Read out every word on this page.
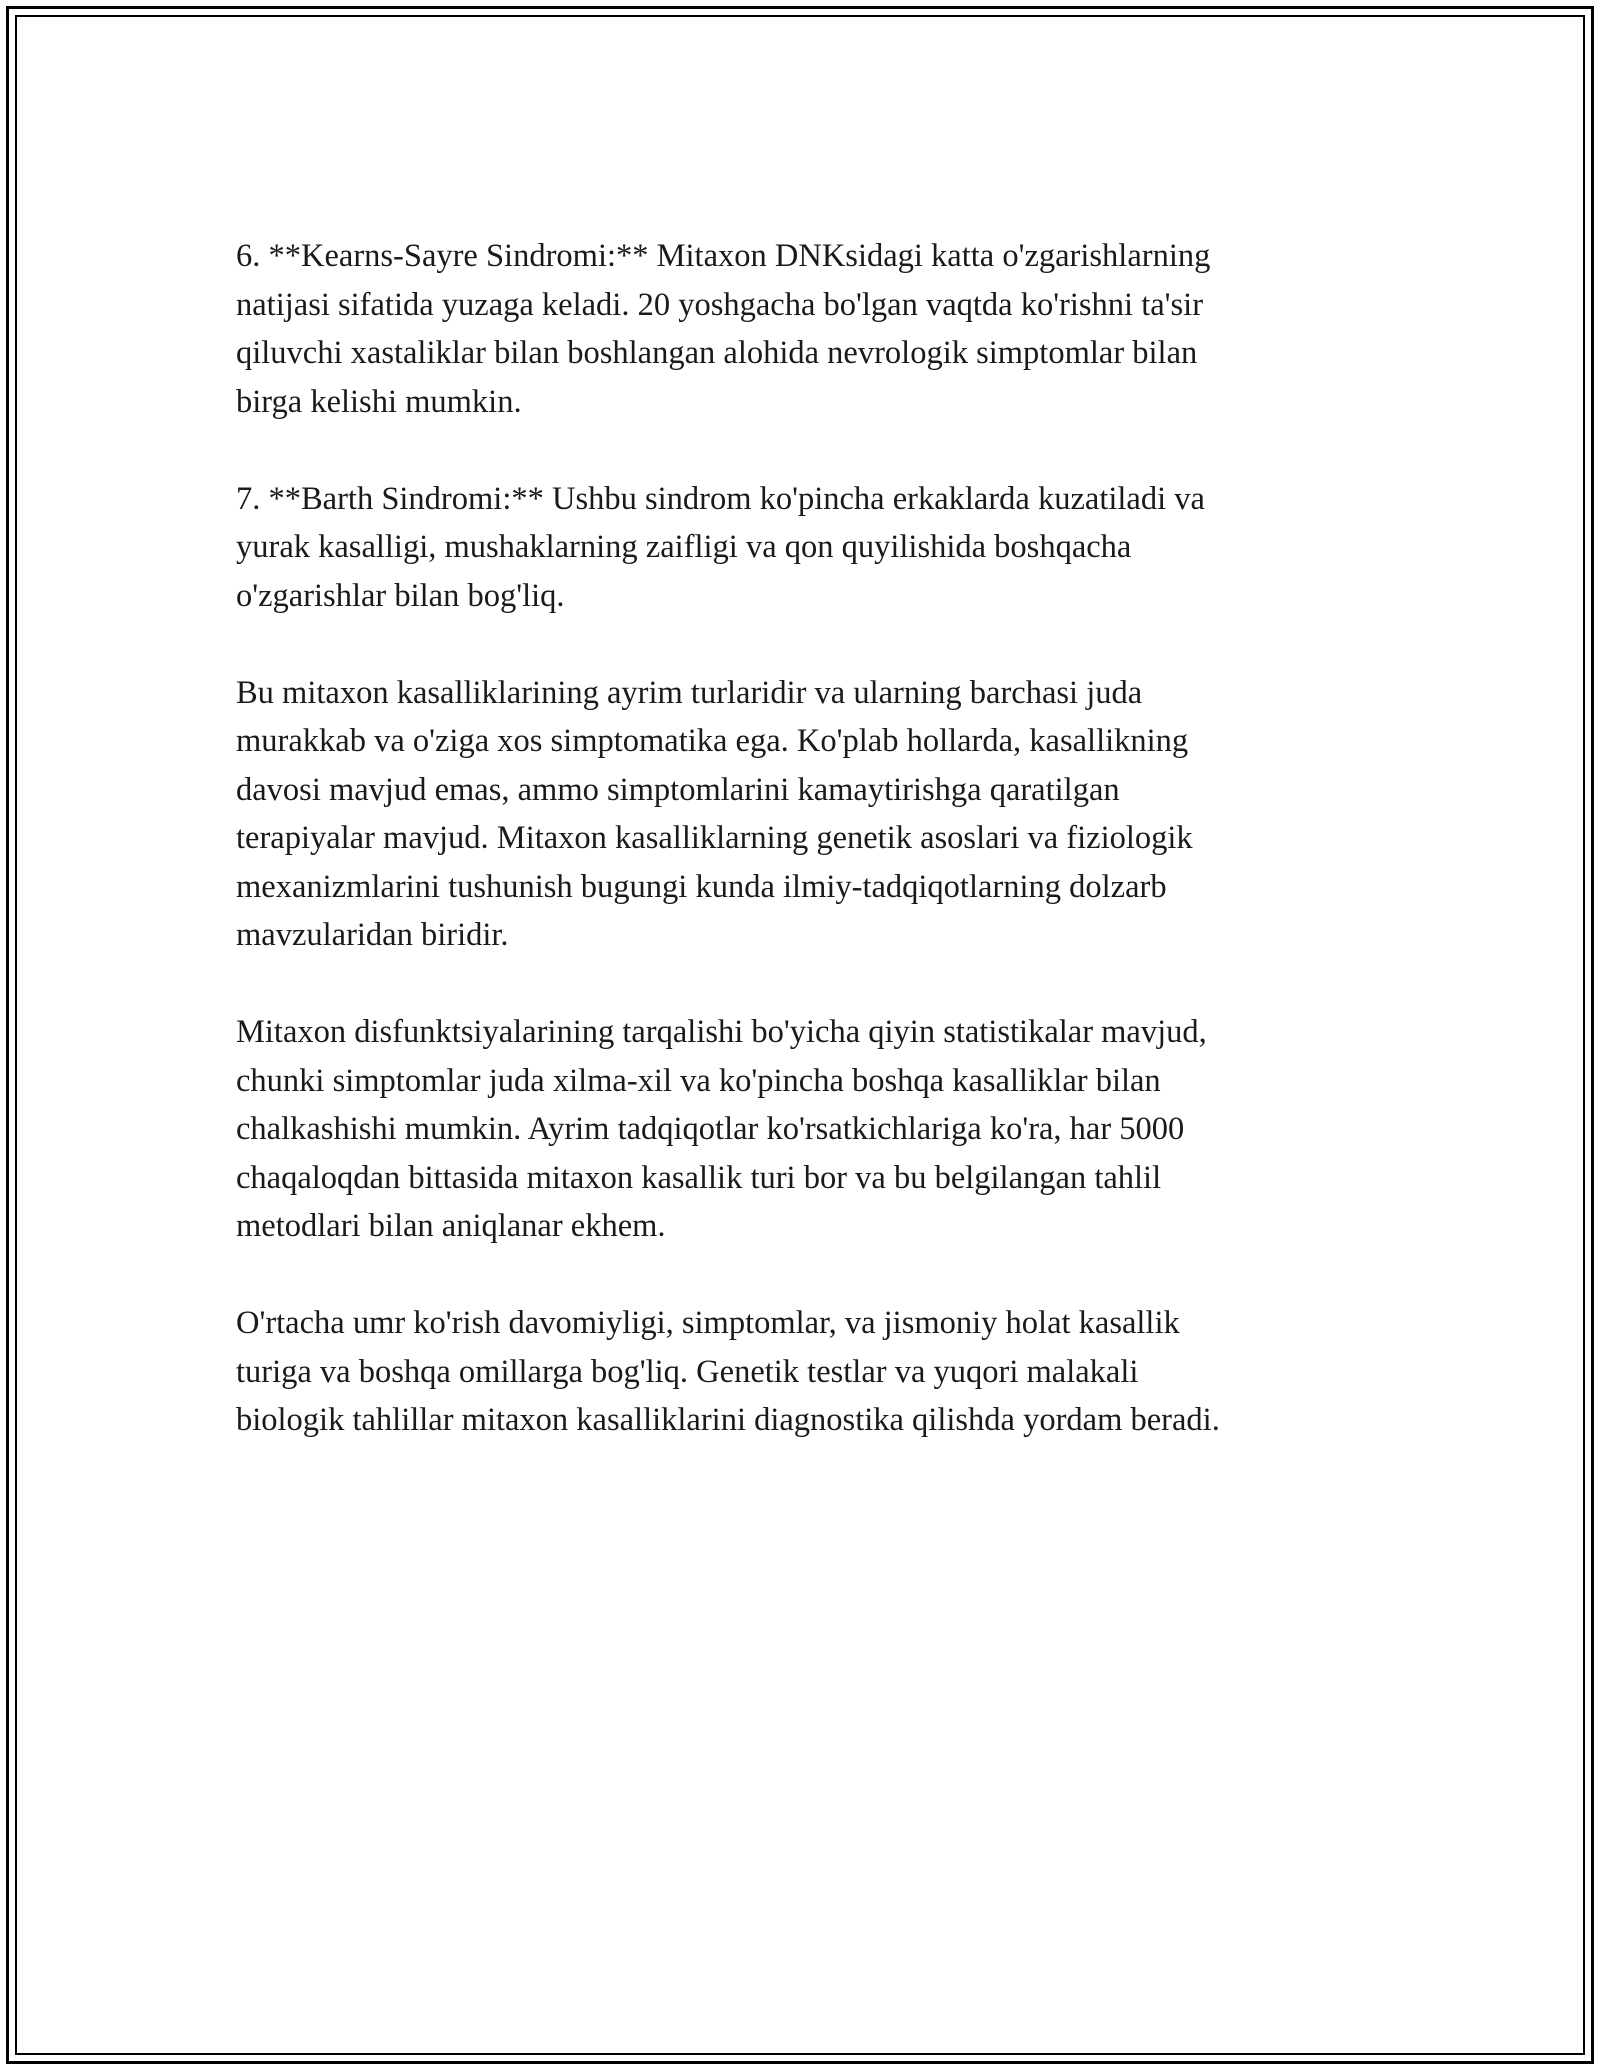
6. **Kearns-Sayre Sindromi:** Mitaxon DNKsidagi katta o'zgarishlarning
natijasi sifatida yuzaga keladi. 20 yoshgacha bo'lgan vaqtda ko'rishni ta'sir
qiluvchi xastaliklar bilan boshlangan alohida nevrologik simptomlar bilan
birga kelishi mumkin.

7. **Barth Sindromi:** Ushbu sindrom ko'pincha erkaklarda kuzatiladi va
yurak kasalligi, mushaklarning zaifligi va qon quyilishida boshqacha
o'zgarishlar bilan bog'liq.

Bu mitaxon kasalliklarining ayrim turlaridir va ularning barchasi juda
murakkab va o'ziga xos simptomatika ega. Ko'plab hollarda, kasallikning
davosi mavjud emas, ammo simptomlarini kamaytirishga qaratilgan
terapiyalar mavjud. Mitaxon kasalliklarning genetik asoslari va fiziologik
mexanizmlarini tushunish bugungi kunda ilmiy-tadqiqotlarning dolzarb
mavzularidan biridir.

Mitaxon disfunktsiyalarining tarqalishi bo'yicha qiyin statistikalar mavjud,
chunki simptomlar juda xilma-xil va ko'pincha boshqa kasalliklar bilan
chalkashishi mumkin. Ayrim tadqiqotlar ko'rsatkichlariga ko'ra, har 5000
chaqaloqdan bittasida mitaxon kasallik turi bor va bu belgilangan tahlil
metodlari bilan aniqlanar ekhem.

O'rtacha umr ko'rish davomiyligi, simptomlar, va jismoniy holat kasallik
turiga va boshqa omillarga bog'liq. Genetik testlar va yuqori malakali
biologik tahlillar mitaxon kasalliklarini diagnostika qilishda yordam beradi.
